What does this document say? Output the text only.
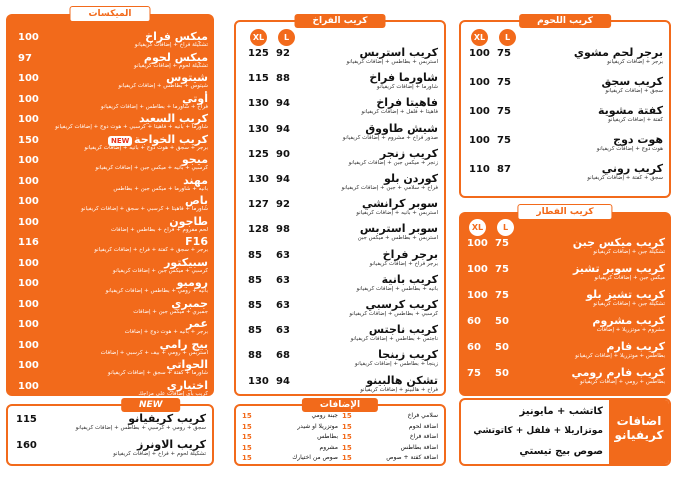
الميكسات
ميكس فراخ
تشكيلة فراخ + إضافات كريفيانو
100
ميكس لحوم
تشكيلة لحوم + إضافات كريفيانو
97
شيتوس
شيتوس + بطاطس + إضافات كريفيانو
100
أوتي
فراخ + شاورما + بطاطس + إضافات كريفيانو
100
كريب السعيد
شاورما + بانيه + فاهيتا + كرسبي + هوت دوج + إضافات كريفيانو
100
كريب الخواجة
NEW
برجر + سجق + هوت دوج + بانيه + إضافات كريفيانو
150
ميجو
كرسبي + بانيه + ميكس جبن + إضافات كريفيانو
100
مهند
بانيه + شاورما + ميكس جبن + بطاطس
100
باص
شاورما + فاهيتا + كرسبي + سجق + إضافات كريفيانو
100
طاجون
لحم مفروم + فراخ + بطاطس + إضافات
100
F16
برجر + سجق + كفتة + فراخ + إضافات كريفيانو
116
سبيكتور
كرسبي + ميكس جبن + إضافات كريفيانو
100
روميو
بانيه + رومي + بطاطس + إضافات كريفيانو
100
جمبري
جمبري + ميكس جبن + إضافات
100
عمر
برجر + بانيه + هوت دوج + إضافات
100
بيج رامي
استربس + رومي + بيف + كرسبي + إضافات
100
الحواتي
شاورما + كفتة + سجق + إضافات كريفيانو
100
اختياري
كريب بأي إضافات على مزاجك
100
NEW
كريب كريفيانو
سجق + رومي + كرسبي + بطاطس + إضافات كريفيانو
115
كريب الاونرز
تشكيلة لحوم + فراخ + إضافات كريفيانو
160
كريب الفراخ
XL	L
كريب استربس
استربس + بطاطس + إضافات كريفيانو
125 92
شاورما فراخ
شاورما + إضافات كريفيانو
115 88
فاهيتا فراخ
فاهيتا + فلفل + إضافات كريفيانو
130 94
شيش طاووق
صدور فراخ + مشروم + إضافات كريفيانو
130 94
كريب زنجر
زنجر + ميكس جبن + إضافات كريفيانو
125 90
كوردن بلو
فراخ + سلامي + جبن + إضافات كريفيانو
130 94
سوبر كرانشي
استربس + بانيه + إضافات كريفيانو
127 92
سوبر استربس
استربس + بطاطس + ميكس جبن
128 98
برجر فراخ
برجر فراخ + إضافات كريفيانو
85 63
كريب بانية
بانيه + بطاطس + إضافات كريفيانو
85 63
كريب كرسبي
كرسبي + بطاطس + إضافات كريفيانو
85 63
كريب ناجتس
ناجتس + بطاطس + إضافات كريفيانو
85 63
كريب زينجا
زينجا + بطاطس + إضافات كريفيانو
88 68
تشكن هالبينو
فراخ + هالبينو + إضافات كريفيانو
130 94
كريب اللحوم
XL	L
برجر لحم مشوي
برجر + إضافات كريفيانو
100 75
كريب سجق
سجق + إضافات كريفيانو
100 75
كفتة مشوية
كفتة + إضافات كريفيانو
100 75
هوت دوج
هوت دوج + إضافات كريفيانو
100 75
كريب روني
سجق + كفتة + إضافات كريفيانو
110 87
كريب الفطار
XL	L
كريب ميكس جبن
تشكيلة جبن + إضافات كريفيانو
100 75
كريب سوبر تشيز
ميكس جبن + إضافات كريفيانو
100 75
كريب تشيز بلو
تشكيلة جبن + إضافات كريفيانو
100 75
كريب مشروم
مشروم + موتزريلا + إضافات
60 50
كريب فارم
بطاطس + موتزريلا + إضافات كريفيانو
60 50
كريب فارم رومي
بطاطس + رومي + إضافات كريفيانو
75 50
الإضافات
سلامي فراخ
15
جبنة رومي
15
اضافة لحوم
15
موتزريلا او شيدر
15
اضافة فراخ
15
بطاطس
15
اضافة بطاطس
15
مشروم
15
اضافة كفتة + صوص
15
صوص من اختيارك
15
اضافات
كريفيانو
كاتشب + مايونيز
موتزاريلا + فلفل + كاتوتشي
صوص بيج تيستي
